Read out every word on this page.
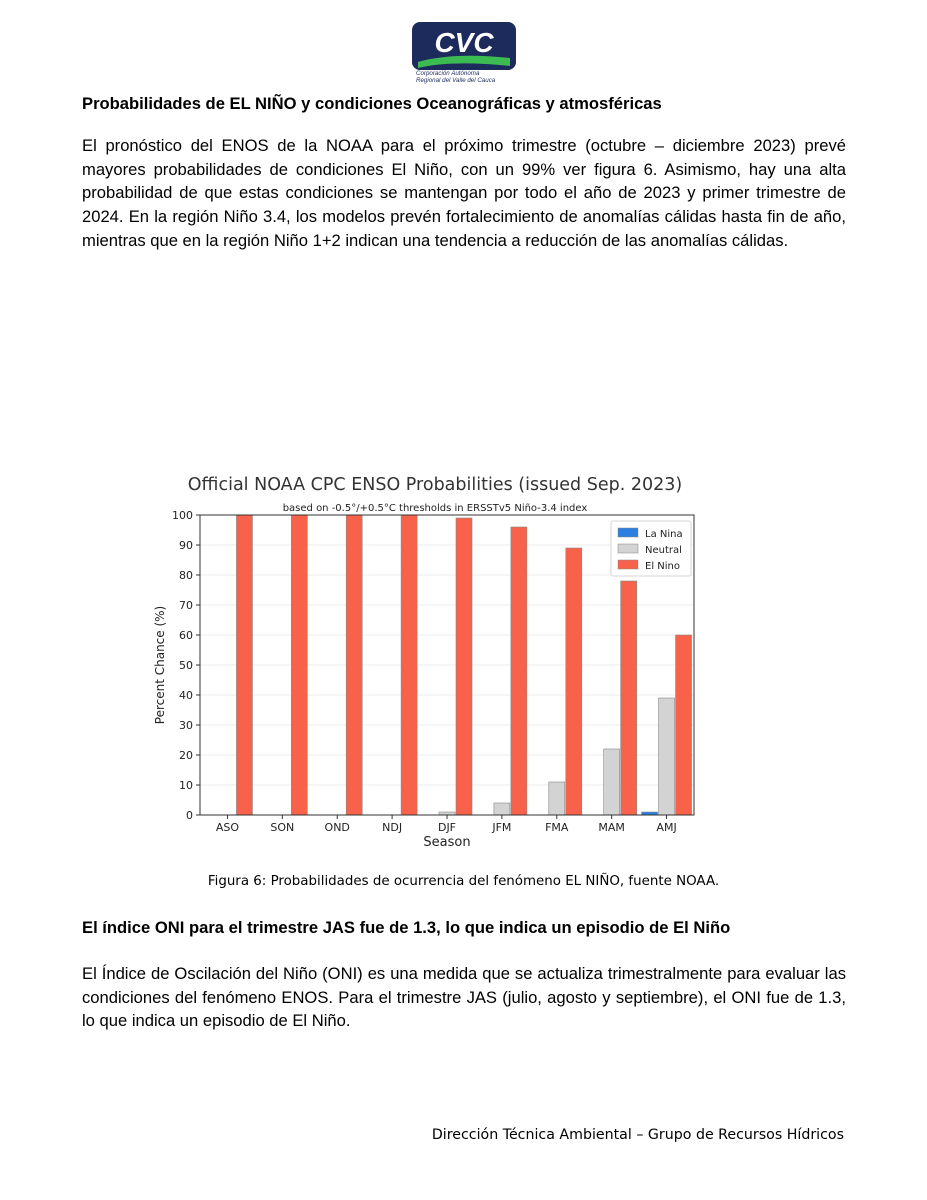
CVC
Corporación Autónoma
Regional del Valle del Cauca
Probabilidades de EL NIÑO y condiciones Oceanográficas y atmosféricas

El pronóstico del ENOS de la NOAA para el próximo trimestre (octubre – diciembre 2023) prevé mayores probabilidades de condiciones El Niño, con un 99% ver figura 6. Asimismo, hay una alta probabilidad de que estas condiciones se mantengan por todo el año de 2023 y primer trimestre de 2024. En la región Niño 3.4, los modelos prevén fortalecimiento de anomalías cálidas hasta fin de año, mientras que en la región Niño 1+2 indican una tendencia a reducción de las anomalías cálidas.

Official NOAA CPC ENSO Probabilities (issued Sep. 2023)
based on -0.5°/+0.5°C thresholds in ERSSTv5 Niño-3.4 index
0
10
20
30
40
50
60
70
80
90
100
ASO	SON	OND	NDJ	DJF	JFM	FMA	MAM	AMJ
Season
Percent Chance (%)
La Nina
Neutral
El Nino
Figura 6: Probabilidades de ocurrencia del fenómeno EL NIÑO, fuente NOAA.
El índice ONI para el trimestre JAS fue de 1.3, lo que indica un episodio de El Niño

El Índice de Oscilación del Niño (ONI) es una medida que se actualiza trimestralmente para evaluar las condiciones del fenómeno ENOS. Para el trimestre JAS (julio, agosto y septiembre), el ONI fue de 1.3, lo que indica un episodio de El Niño.

Dirección Técnica Ambiental – Grupo de Recursos Hídricos
